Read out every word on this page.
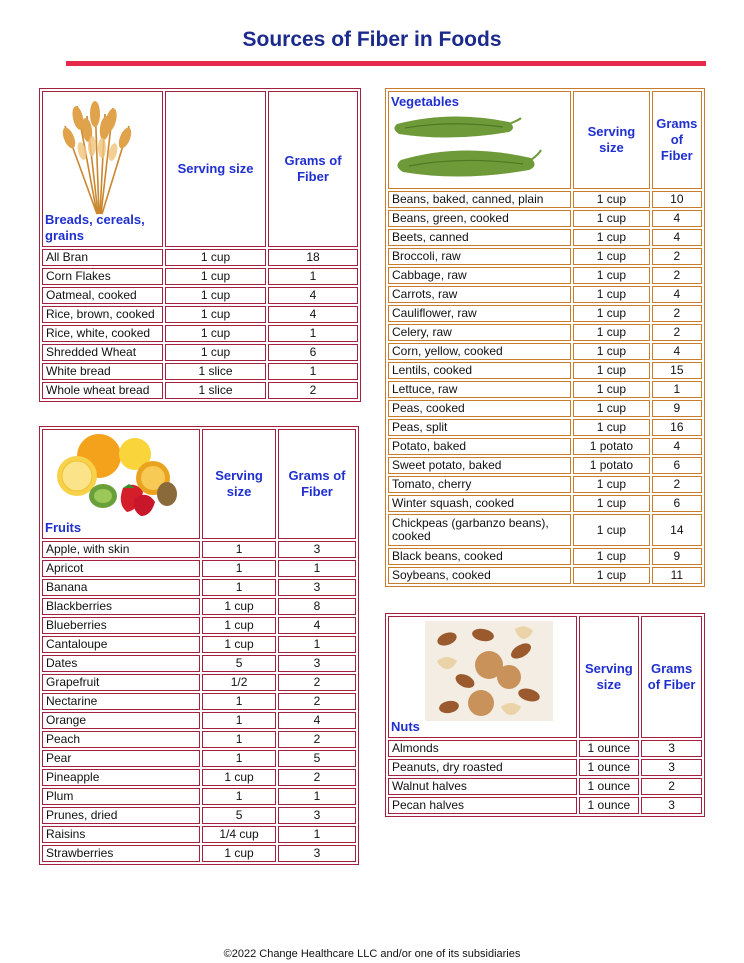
Sources of Fiber in Foods
Breads, cereals, grains	Serving size	Grams of Fiber
All Bran	1 cup	18
Corn Flakes	1 cup	1
Oatmeal, cooked	1 cup	4
Rice, brown, cooked	1 cup	4
Rice, white, cooked	1 cup	1
Shredded Wheat	1 cup	6
White bread	1 slice	1
Whole wheat bread	1 slice	2
Fruits	Serving size	Grams of Fiber
Apple, with skin	1	3
Apricot	1	1
Banana	1	3
Blackberries	1 cup	8
Blueberries	1 cup	4
Cantaloupe	1 cup	1
Dates	5	3
Grapefruit	1/2	2
Nectarine	1	2
Orange	1	4
Peach	1	2
Pear	1	5
Pineapple	1 cup	2
Plum	1	1
Prunes, dried	5	3
Raisins	1/4 cup	1
Strawberries	1 cup	3
Vegetables	Serving size	Grams of Fiber
Beans, baked, canned, plain	1 cup	10
Beans, green, cooked	1 cup	4
Beets, canned	1 cup	4
Broccoli, raw	1 cup	2
Cabbage, raw	1 cup	2
Carrots, raw	1 cup	4
Cauliflower, raw	1 cup	2
Celery, raw	1 cup	2
Corn, yellow, cooked	1 cup	4
Lentils, cooked	1 cup	15
Lettuce, raw	1 cup	1
Peas, cooked	1 cup	9
Peas, split	1 cup	16
Potato, baked	1 potato	4
Sweet potato, baked	1 potato	6
Tomato, cherry	1 cup	2
Winter squash, cooked	1 cup	6
Chickpeas (garbanzo beans), cooked	1 cup	14
Black beans, cooked	1 cup	9
Soybeans, cooked	1 cup	11
Nuts	Serving size	Grams of Fiber
Almonds	1 ounce	3
Peanuts, dry roasted	1 ounce	3
Walnut halves	1 ounce	2
Pecan halves	1 ounce	3
©2022 Change Healthcare LLC and/or one of its subsidiaries
